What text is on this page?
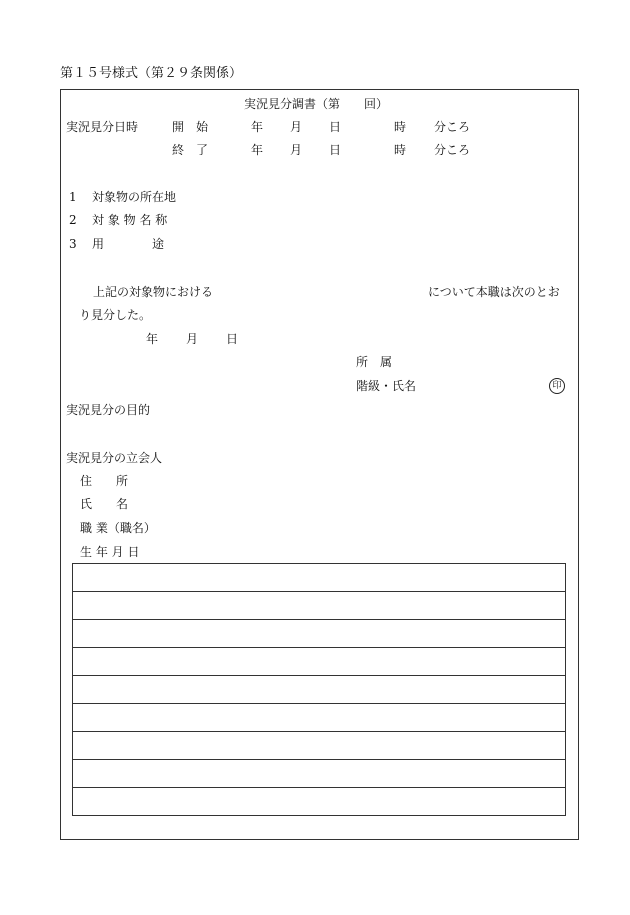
第１５号様式（第２９条関係）
実況見分調書（第　　回）
実況見分日時	開　始	年 月 日	時 分ころ
終　了	年 月 日	時 分ころ
1 対象物の所在地
2 対 象 物 名 称
3 用　　　　途
上記の対象物における	について本職は次のとお
り見分した。
年 月 日
所　属
階級・氏名	印
実況見分の目的
実況見分の立会人
住　　所
氏　　名
職 業（職名）
生 年 月 日
